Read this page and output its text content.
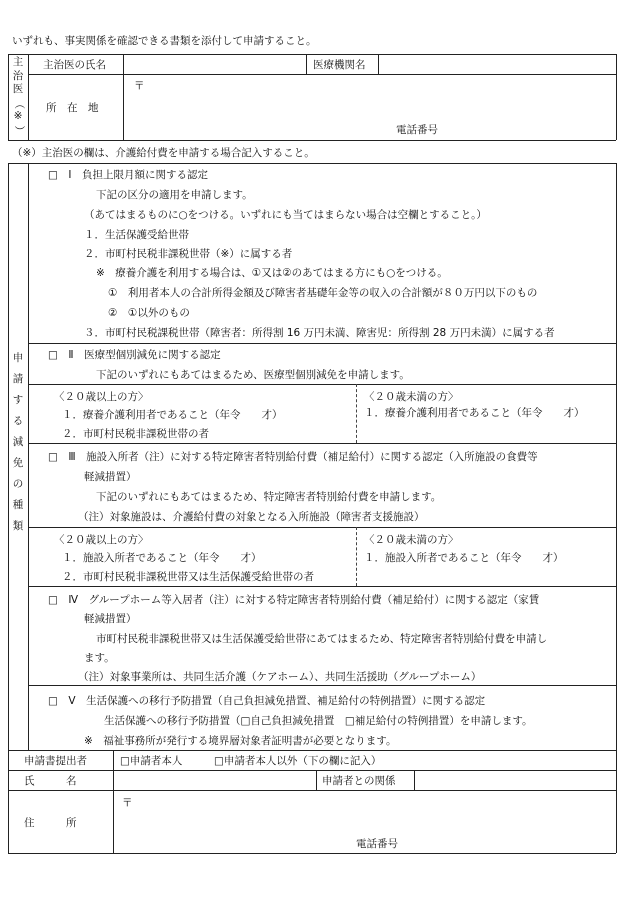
いずれも、事実関係を確認できる書類を添付して申請すること。
主
治
医
（
※
）
主治医の氏名	医療機関名
所　在　地
〒
電話番号
（※）主治医の欄は、介護給付費を申請する場合記入すること。
申
請
す
る
減
免
の
種
類
□　Ⅰ　負担上限月額に関する認定
下記の区分の適用を申請します。
（あてはまるものに○をつける。いずれにも当てはまらない場合は空欄とすること。）
１．生活保護受給世帯
２．市町村民税非課税世帯（※）に属する者
※　療養介護を利用する場合は、①又は②のあてはまる方にも○をつける。
①　利用者本人の合計所得金額及び障害者基礎年金等の収入の合計額が８０万円以下のもの
②　①以外のもの
３．市町村民税課税世帯（障害者：所得割 16 万円未満、障害児：所得割 28 万円未満）に属する者
□　Ⅱ　医療型個別減免に関する認定
下記のいずれにもあてはまるため、医療型個別減免を申請します。
〈２０歳以上の方〉
１．療養介護利用者であること（年令　　才）
２．市町村民税非課税世帯の者
〈２０歳未満の方〉
１．療養介護利用者であること（年令　　才）
□　Ⅲ　施設入所者（注）に対する特定障害者特別給付費（補足給付）に関する認定（入所施設の食費等
軽減措置）
下記のいずれにもあてはまるため、特定障害者特別給付費を申請します。
（注）対象施設は、介護給付費の対象となる入所施設（障害者支援施設）
〈２０歳以上の方〉
１．施設入所者であること（年令　　才）
２．市町村民税非課税世帯又は生活保護受給世帯の者
〈２０歳未満の方〉
１．施設入所者であること（年令　　才）
□　Ⅳ　グループホーム等入居者（注）に対する特定障害者特別給付費（補足給付）に関する認定（家賃
軽減措置）
市町村民税非課税世帯又は生活保護受給世帯にあてはまるため、特定障害者特別給付費を申請し
ます。
（注）対象事業所は、共同生活介護（ケアホーム）、共同生活援助（グループホーム）
□　Ⅴ　生活保護への移行予防措置（自己負担減免措置、補足給付の特例措置）に関する認定
生活保護への移行予防措置（□自己負担減免措置　□補足給付の特例措置）を申請します。
※　福祉事務所が発行する境界層対象者証明書が必要となります。
申請書提出者	□申請者本人	□申請者本人以外（下の欄に記入）
氏　　　名	申請者との関係
住　　　所
〒
電話番号
